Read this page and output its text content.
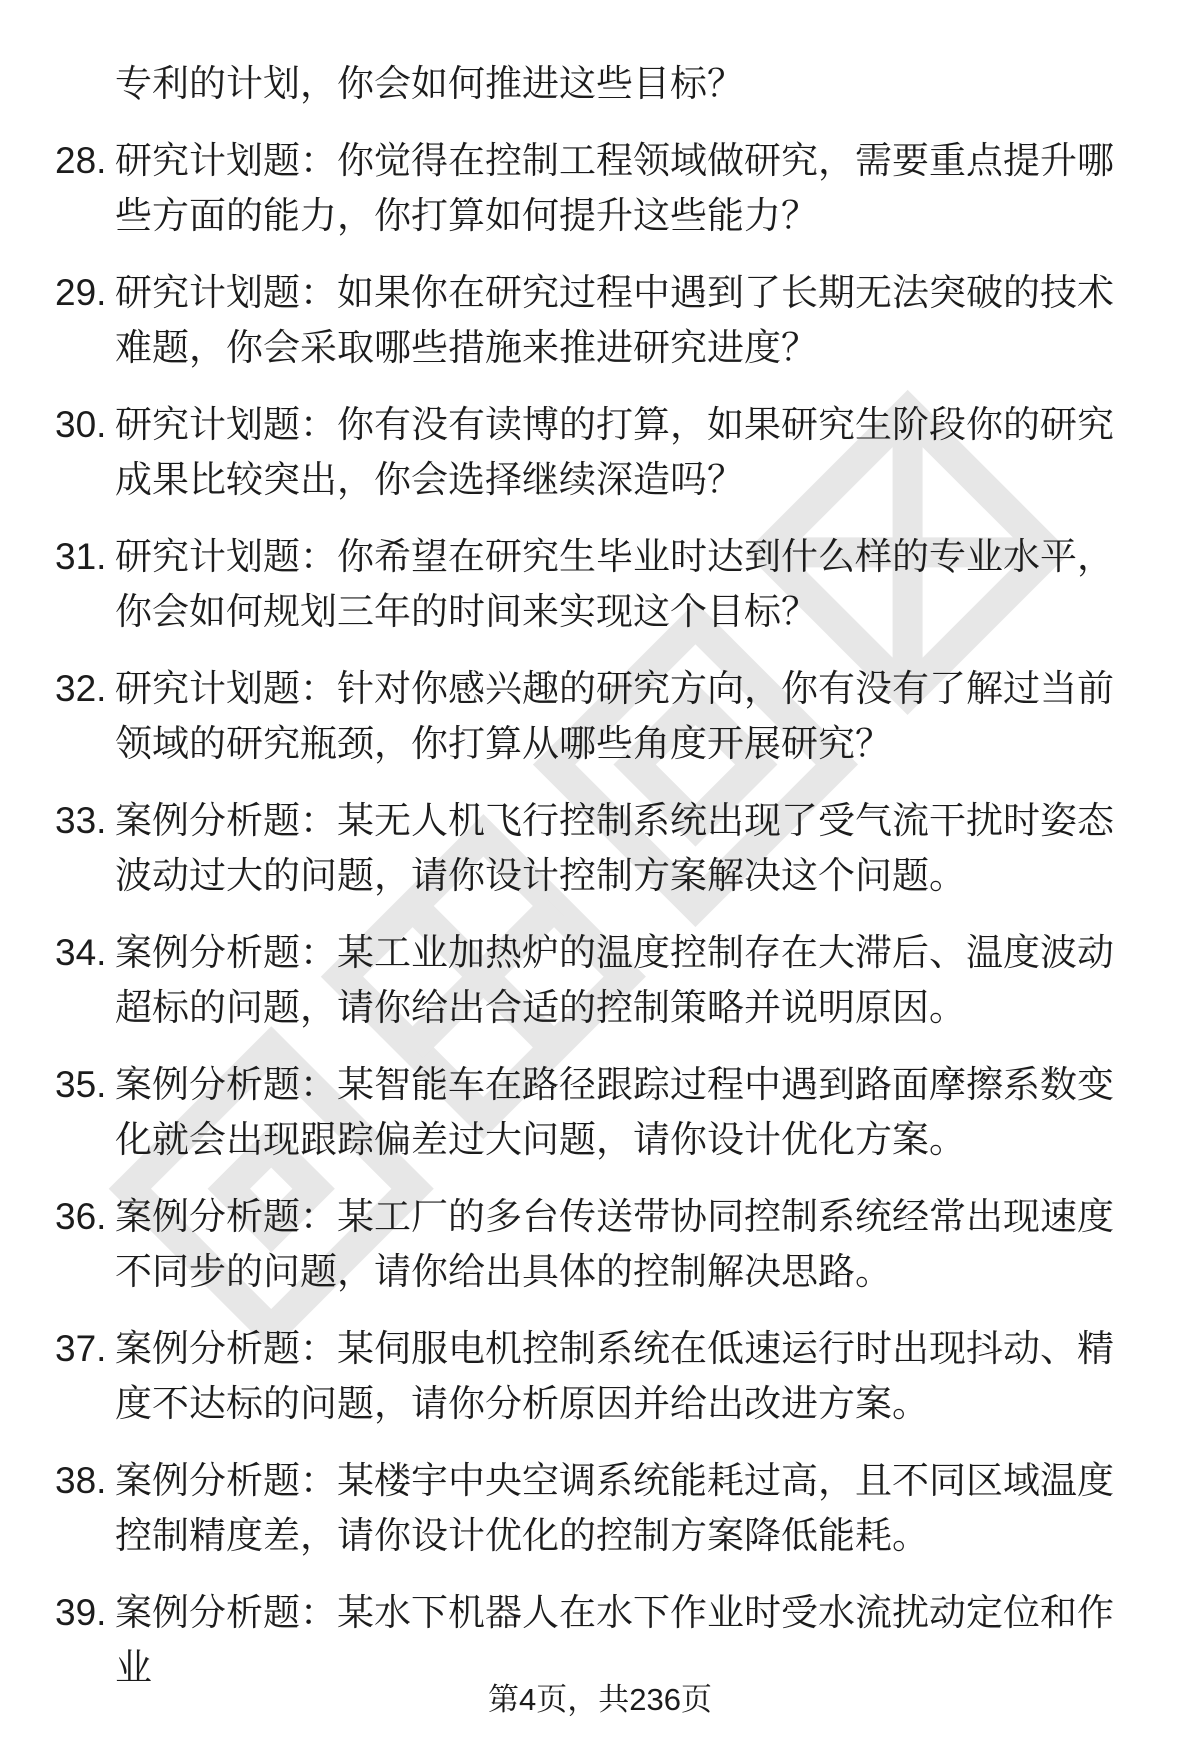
专利的计划，你会如何推进这些目标？
28. 研究计划题：你觉得在控制工程领域做研究，需要重点提升哪些方面的能力，你打算如何提升这些能力？
29. 研究计划题：如果你在研究过程中遇到了长期无法突破的技术难题，你会采取哪些措施来推进研究进度？
30. 研究计划题：你有没有读博的打算，如果研究生阶段你的研究成果比较突出，你会选择继续深造吗？
31. 研究计划题：你希望在研究生毕业时达到什么样的专业水平，你会如何规划三年的时间来实现这个目标？
32. 研究计划题：针对你感兴趣的研究方向，你有没有了解过当前领域的研究瓶颈，你打算从哪些角度开展研究？
33. 案例分析题：某无人机飞行控制系统出现了受气流干扰时姿态波动过大的问题，请你设计控制方案解决这个问题。
34. 案例分析题：某工业加热炉的温度控制存在大滞后、温度波动超标的问题，请你给出合适的控制策略并说明原因。
35. 案例分析题：某智能车在路径跟踪过程中遇到路面摩擦系数变化就会出现跟踪偏差过大问题，请你设计优化方案。
36. 案例分析题：某工厂的多台传送带协同控制系统经常出现速度不同步的问题，请你给出具体的控制解决思路。
37. 案例分析题：某伺服电机控制系统在低速运行时出现抖动、精度不达标的问题，请你分析原因并给出改进方案。
38. 案例分析题：某楼宇中央空调系统能耗过高，且不同区域温度控制精度差，请你设计优化的控制方案降低能耗。
39. 案例分析题：某水下机器人在水下作业时受水流扰动定位和作业
第4页，共236页
